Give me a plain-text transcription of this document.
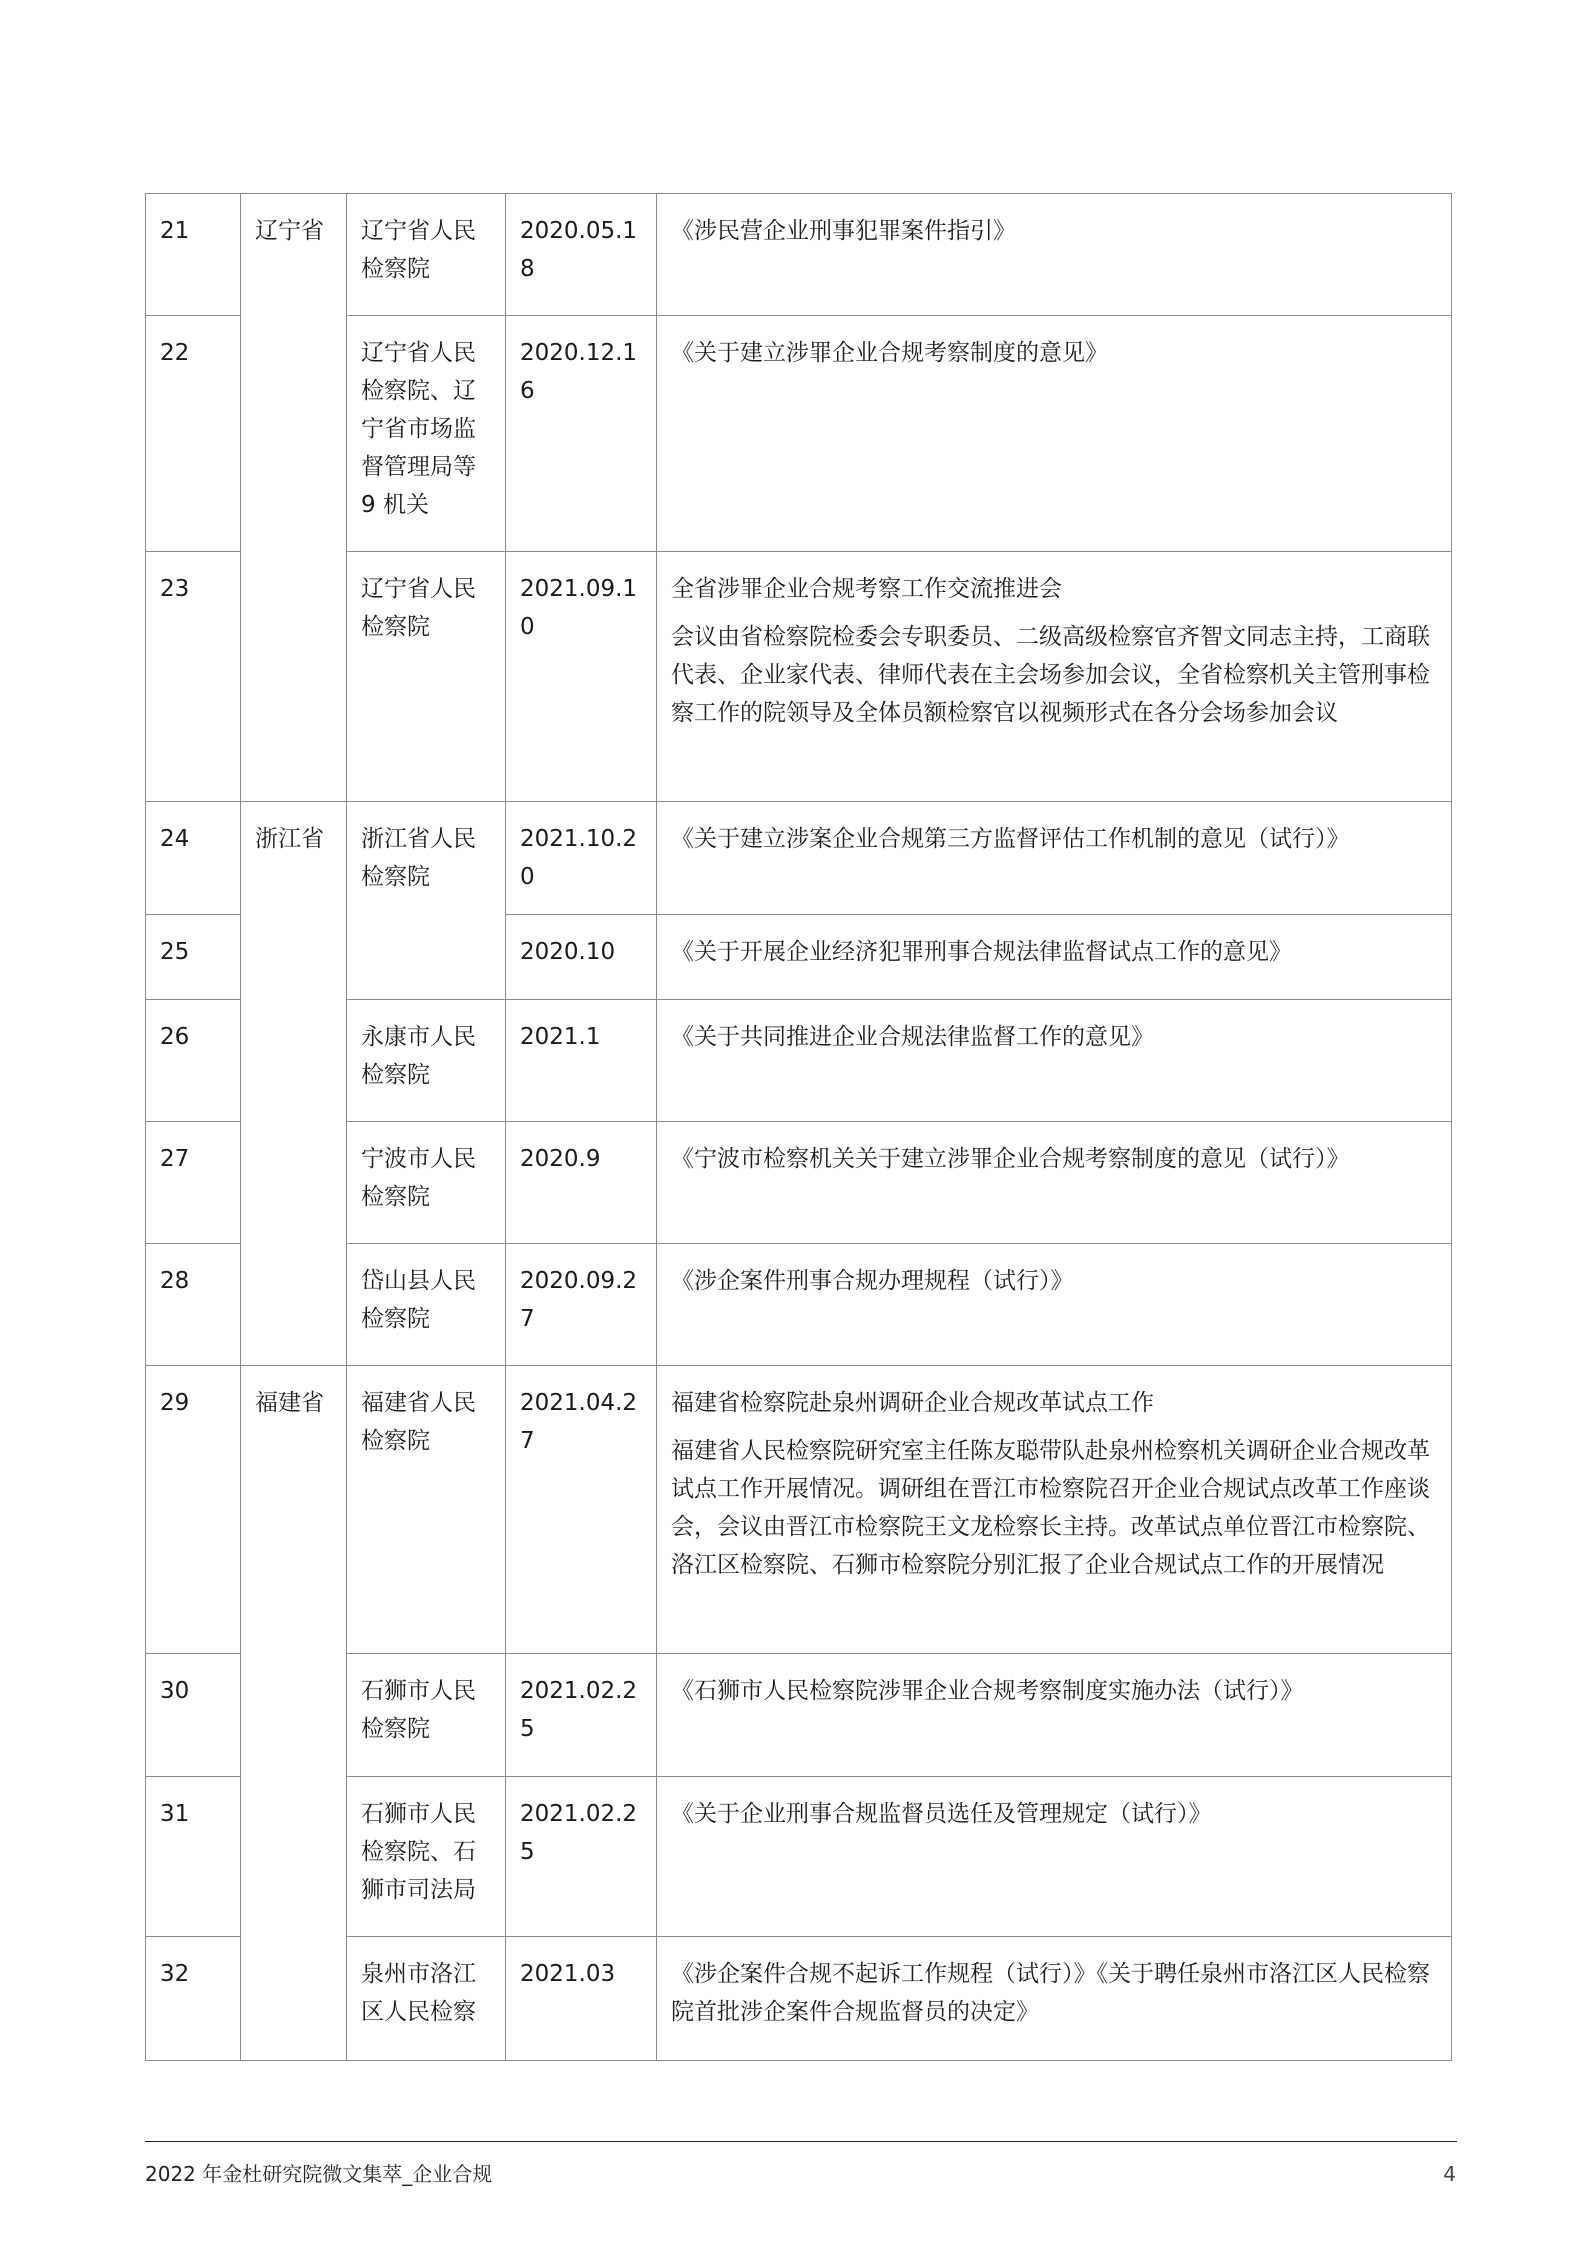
21	辽宁省	辽宁省人民检察院	2020.05.18	《涉民营企业刑事犯罪案件指引》

22		辽宁省人民检察院、辽宁省市场监督管理局等 9 机关	2020.12.16	《关于建立涉罪企业合规考察制度的意见》

23		辽宁省人民检察院	2021.09.10	全省涉罪企业合规考察工作交流推进会
会议由省检察院检委会专职委员、二级高级检察官齐智文同志主持，工商联代表、企业家代表、律师代表在主会场参加会议，全省检察机关主管刑事检察工作的院领导及全体员额检察官以视频形式在各分会场参加会议

24	浙江省	浙江省人民检察院	2021.10.20	《关于建立涉案企业合规第三方监督评估工作机制的意见（试行）》

25			2020.10	《关于开展企业经济犯罪刑事合规法律监督试点工作的意见》

26		永康市人民检察院	2021.1	《关于共同推进企业合规法律监督工作的意见》

27		宁波市人民检察院	2020.9	《宁波市检察机关关于建立涉罪企业合规考察制度的意见（试行）》

28		岱山县人民检察院	2020.09.27	《涉企案件刑事合规办理规程（试行）》

29	福建省	福建省人民检察院	2021.04.27	福建省检察院赴泉州调研企业合规改革试点工作
福建省人民检察院研究室主任陈友聪带队赴泉州检察机关调研企业合规改革试点工作开展情况。调研组在晋江市检察院召开企业合规试点改革工作座谈会，会议由晋江市检察院王文龙检察长主持。改革试点单位晋江市检察院、洛江区检察院、石狮市检察院分别汇报了企业合规试点工作的开展情况

30		石狮市人民检察院	2021.02.25	《石狮市人民检察院涉罪企业合规考察制度实施办法（试行）》

31		石狮市人民检察院、石狮市司法局	2021.02.25	《关于企业刑事合规监督员选任及管理规定（试行）》

32		泉州市洛江区人民检察	2021.03	《涉企案件合规不起诉工作规程（试行）》《关于聘任泉州市洛江区人民检察院首批涉企案件合规监督员的决定》
2022 年金杜研究院微文集萃_企业合规	4
